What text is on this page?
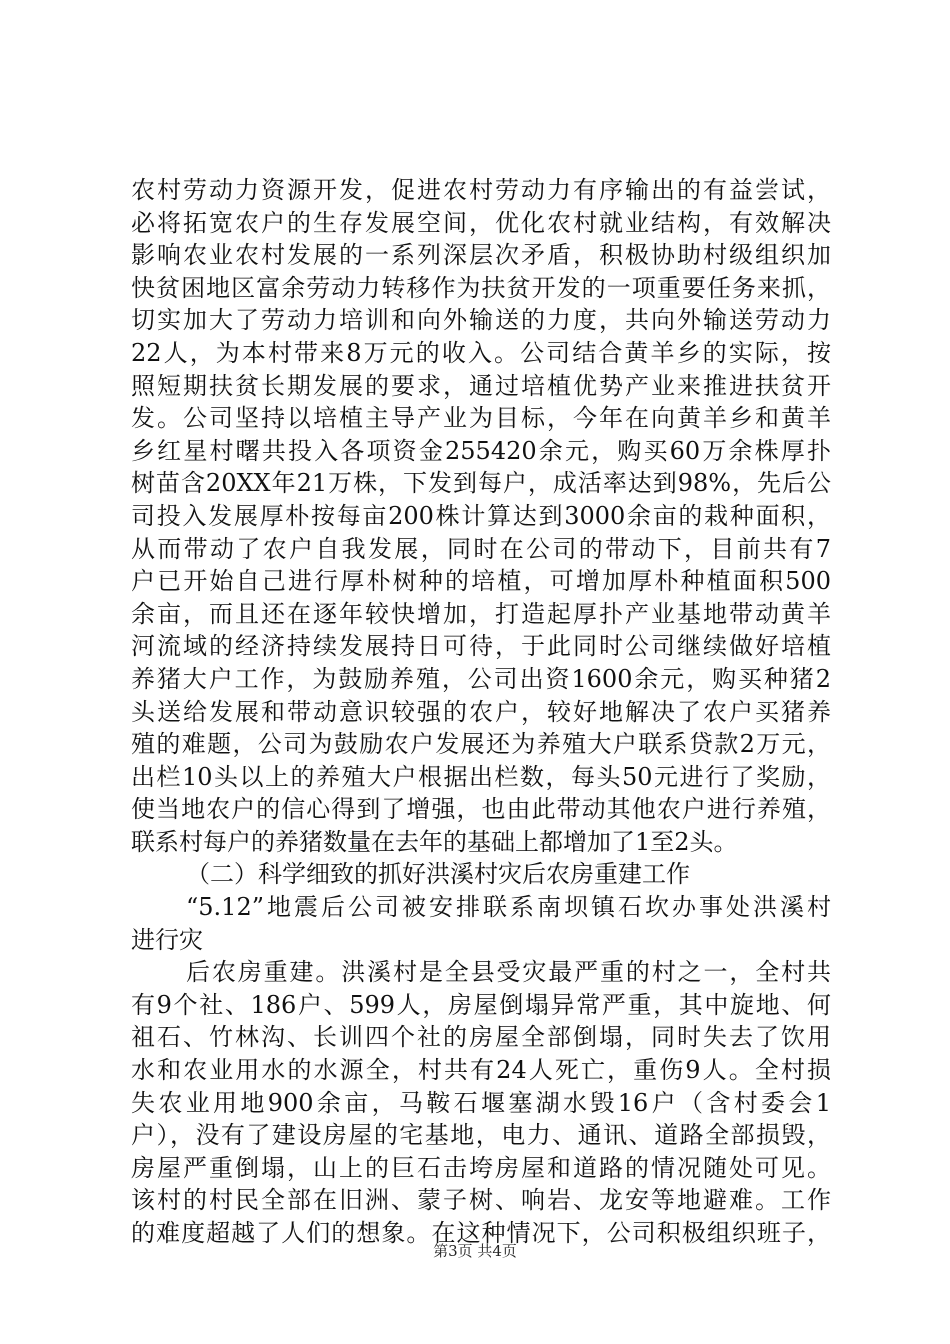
农村劳动力资源开发，促进农村劳动力有序输出的有益尝试，
必将拓宽农户的生存发展空间，优化农村就业结构，有效解决
影响农业农村发展的一系列深层次矛盾，积极协助村级组织加
快贫困地区富余劳动力转移作为扶贫开发的一项重要任务来抓，
切实加大了劳动力培训和向外输送的力度，共向外输送劳动力
22人，为本村带来8万元的收入。公司结合黄羊乡的实际，按
照短期扶贫长期发展的要求，通过培植优势产业来推进扶贫开
发。公司坚持以培植主导产业为目标，今年在向黄羊乡和黄羊
乡红星村曙共投入各项资金255420余元，购买60万余株厚扑
树苗含20XX年21万株，下发到每户，成活率达到98%，先后公
司投入发展厚朴按每亩200株计算达到3000余亩的栽种面积，
从而带动了农户自我发展，同时在公司的带动下，目前共有7
户已开始自己进行厚朴树种的培植，可增加厚朴种植面积500
余亩，而且还在逐年较快增加，打造起厚扑产业基地带动黄羊
河流域的经济持续发展持日可待，于此同时公司继续做好培植
养猪大户工作，为鼓励养殖，公司出资1600余元，购买种猪2
头送给发展和带动意识较强的农户，较好地解决了农户买猪养
殖的难题，公司为鼓励农户发展还为养殖大户联系贷款2万元，
出栏10头以上的养殖大户根据出栏数，每头50元进行了奖励，
使当地农户的信心得到了增强，也由此带动其他农户进行养殖，
联系村每户的养猪数量在去年的基础上都增加了1至2头。
（二）科学细致的抓好洪溪村灾后农房重建工作
“5.12”地震后公司被安排联系南坝镇石坎办事处洪溪村
进行灾
后农房重建。洪溪村是全县受灾最严重的村之一，全村共
有9个社、186户、599人，房屋倒塌异常严重，其中旋地、何
祖石、竹林沟、长训四个社的房屋全部倒塌，同时失去了饮用
水和农业用水的水源全，村共有24人死亡，重伤9人。全村损
失农业用地900余亩，马鞍石堰塞湖水毁16户（含村委会1
户），没有了建设房屋的宅基地，电力、通讯、道路全部损毁，
房屋严重倒塌，山上的巨石击垮房屋和道路的情况随处可见。
该村的村民全部在旧洲、蒙子树、响岩、龙安等地避难。工作
的难度超越了人们的想象。在这种情况下，公司积极组织班子，
第3页 共4页
